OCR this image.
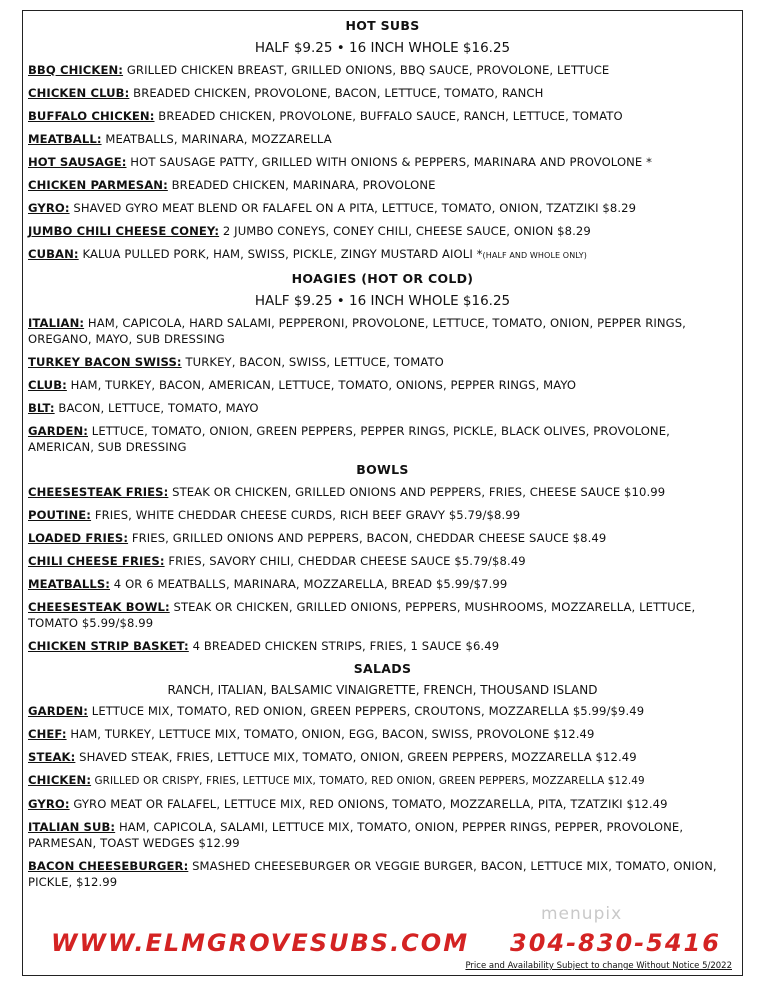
HOT SUBS
HALF $9.25 • 16 INCH WHOLE $16.25
BBQ CHICKEN: GRILLED CHICKEN BREAST, GRILLED ONIONS, BBQ SAUCE, PROVOLONE, LETTUCE
CHICKEN CLUB: BREADED CHICKEN, PROVOLONE, BACON, LETTUCE, TOMATO, RANCH
BUFFALO CHICKEN: BREADED CHICKEN, PROVOLONE, BUFFALO SAUCE, RANCH, LETTUCE, TOMATO
MEATBALL: MEATBALLS, MARINARA, MOZZARELLA
HOT SAUSAGE: HOT SAUSAGE PATTY, GRILLED WITH ONIONS & PEPPERS, MARINARA AND PROVOLONE *
CHICKEN PARMESAN: BREADED CHICKEN, MARINARA, PROVOLONE
GYRO: SHAVED GYRO MEAT BLEND OR FALAFEL ON A PITA, LETTUCE, TOMATO, ONION, TZATZIKI $8.29
JUMBO CHILI CHEESE CONEY: 2 JUMBO CONEYS, CONEY CHILI, CHEESE SAUCE, ONION $8.29
CUBAN: KALUA PULLED PORK, HAM, SWISS, PICKLE, ZINGY MUSTARD AIOLI *(HALF AND WHOLE ONLY)
HOAGIES (HOT OR COLD)
HALF $9.25 • 16 INCH WHOLE $16.25
ITALIAN: HAM, CAPICOLA, HARD SALAMI, PEPPERONI, PROVOLONE, LETTUCE, TOMATO, ONION, PEPPER RINGS, OREGANO, MAYO, SUB DRESSING
TURKEY BACON SWISS: TURKEY, BACON, SWISS, LETTUCE, TOMATO
CLUB: HAM, TURKEY, BACON, AMERICAN, LETTUCE, TOMATO, ONIONS, PEPPER RINGS, MAYO
BLT: BACON, LETTUCE, TOMATO, MAYO
GARDEN: LETTUCE, TOMATO, ONION, GREEN PEPPERS, PEPPER RINGS, PICKLE, BLACK OLIVES, PROVOLONE, AMERICAN, SUB DRESSING
BOWLS
CHEESESTEAK FRIES: STEAK OR CHICKEN, GRILLED ONIONS AND PEPPERS, FRIES, CHEESE SAUCE $10.99
POUTINE: FRIES, WHITE CHEDDAR CHEESE CURDS, RICH BEEF GRAVY $5.79/$8.99
LOADED FRIES: FRIES, GRILLED ONIONS AND PEPPERS, BACON, CHEDDAR CHEESE SAUCE $8.49
CHILI CHEESE FRIES: FRIES, SAVORY CHILI, CHEDDAR CHEESE SAUCE $5.79/$8.49
MEATBALLS: 4 OR 6 MEATBALLS, MARINARA, MOZZARELLA, BREAD $5.99/$7.99
CHEESESTEAK BOWL: STEAK OR CHICKEN, GRILLED ONIONS, PEPPERS, MUSHROOMS, MOZZARELLA, LETTUCE, TOMATO $5.99/$8.99
CHICKEN STRIP BASKET: 4 BREADED CHICKEN STRIPS, FRIES, 1 SAUCE $6.49
SALADS
RANCH, ITALIAN, BALSAMIC VINAIGRETTE, FRENCH, THOUSAND ISLAND
GARDEN: LETTUCE MIX, TOMATO, RED ONION, GREEN PEPPERS, CROUTONS, MOZZARELLA $5.99/$9.49
CHEF: HAM, TURKEY, LETTUCE MIX, TOMATO, ONION, EGG, BACON, SWISS, PROVOLONE $12.49
STEAK: SHAVED STEAK, FRIES, LETTUCE MIX, TOMATO, ONION, GREEN PEPPERS, MOZZARELLA $12.49
CHICKEN: GRILLED OR CRISPY, FRIES, LETTUCE MIX, TOMATO, RED ONION, GREEN PEPPERS, MOZZARELLA $12.49
GYRO: GYRO MEAT OR FALAFEL, LETTUCE MIX, RED ONIONS, TOMATO, MOZZARELLA, PITA, TZATZIKI $12.49
ITALIAN SUB: HAM, CAPICOLA, SALAMI, LETTUCE MIX, TOMATO, ONION, PEPPER RINGS, PEPPER, PROVOLONE, PARMESAN, TOAST WEDGES $12.99
BACON CHEESEBURGER: SMASHED CHEESEBURGER OR VEGGIE BURGER, BACON, LETTUCE MIX, TOMATO, ONION, PICKLE, $12.99
menupix
WWW.ELMGROVESUBS.COM 304-830-5416
Price and Availability Subject to change Without Notice 5/2022
